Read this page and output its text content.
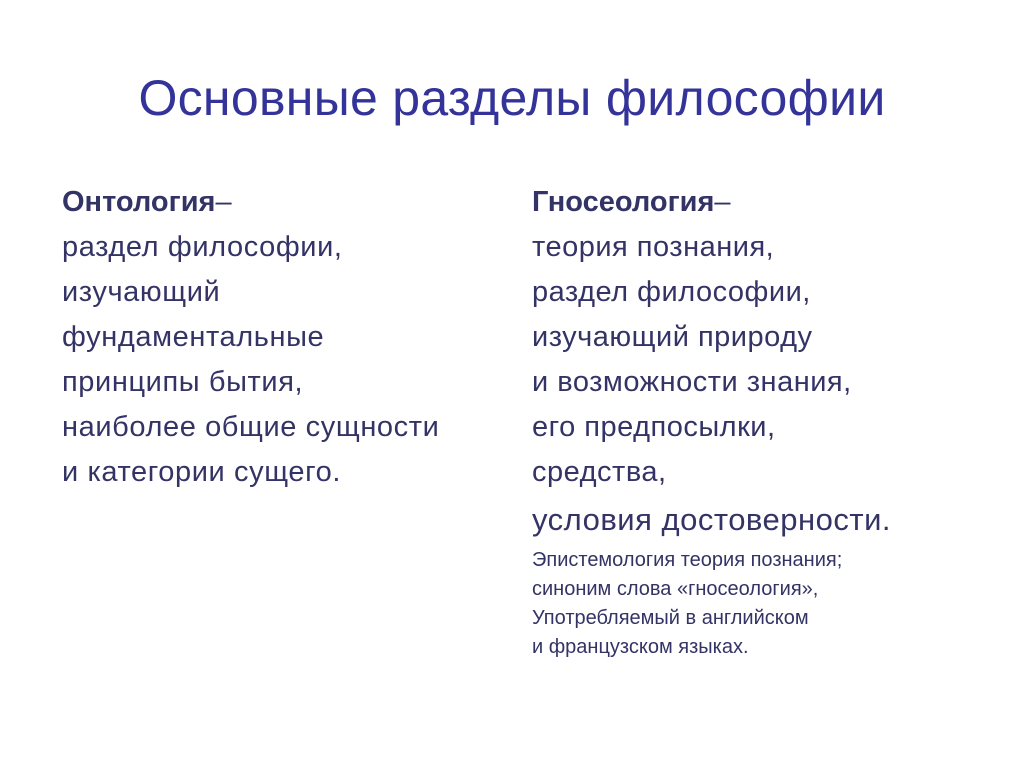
Основные разделы философии
Онтология–
раздел философии,
изучающий
фундаментальные
принципы бытия,
наиболее общие сущности
и категории сущего.
Гносеология–
теория познания,
раздел философии,
изучающий природу
и возможности знания,
его предпосылки,
средства,
условия достоверности.
Эпистемология теория познания;
синоним слова «гносеология»,
Употребляемый в английском
и французском языках.
